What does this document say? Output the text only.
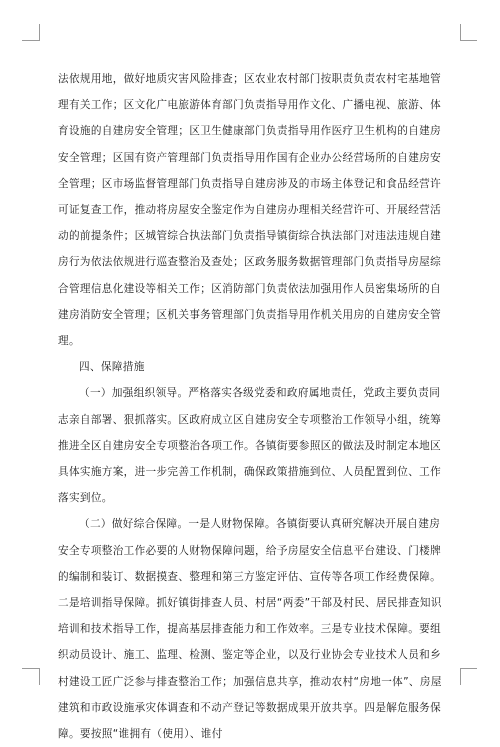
法依规用地，做好地质灾害风险排查；区农业农村部门按职责负责农村宅基地管理有关工作；区文化广电旅游体育部门负责指导用作文化、广播电视、旅游、体育设施的自建房安全管理；区卫生健康部门负责指导用作医疗卫生机构的自建房安全管理；区国有资产管理部门负责指导用作国有企业办公经营场所的自建房安全管理；区市场监督管理部门负责指导自建房涉及的市场主体登记和食品经营许可证复查工作，推动将房屋安全鉴定作为自建房办理相关经营许可、开展经营活动的前提条件；区城管综合执法部门负责指导镇街综合执法部门对违法违规自建房行为依法依规进行巡查整治及查处；区政务服务数据管理部门负责指导房屋综合管理信息化建设等相关工作；区消防部门负责依法加强用作人员密集场所的自建房消防安全管理；区机关事务管理部门负责指导用作机关用房的自建房安全管理。

四、保障措施

（一）加强组织领导。严格落实各级党委和政府属地责任，党政主要负责同志亲自部署、狠抓落实。区政府成立区自建房安全专项整治工作领导小组，统筹推进全区自建房安全专项整治各项工作。各镇街要参照区的做法及时制定本地区具体实施方案，进一步完善工作机制，确保政策措施到位、人员配置到位、工作落实到位。

（二）做好综合保障。一是人财物保障。各镇街要认真研究解决开展自建房安全专项整治工作必要的人财物保障问题，给予房屋安全信息平台建设、门楼牌的编制和装订、数据摸查、整理和第三方鉴定评估、宣传等各项工作经费保障。二是培训指导保障。抓好镇街排查人员、村居“两委”干部及村民、居民排查知识培训和技术指导工作，提高基层排查能力和工作效率。三是专业技术保障。要组织动员设计、施工、监理、检测、鉴定等企业，以及行业协会专业技术人员和乡村建设工匠广泛参与排查整治工作；加强信息共享，推动农村“房地一体”、房屋建筑和市政设施承灾体调查和不动产登记等数据成果开放共享。四是解危服务保障。要按照“谁拥有（使用）、谁付
